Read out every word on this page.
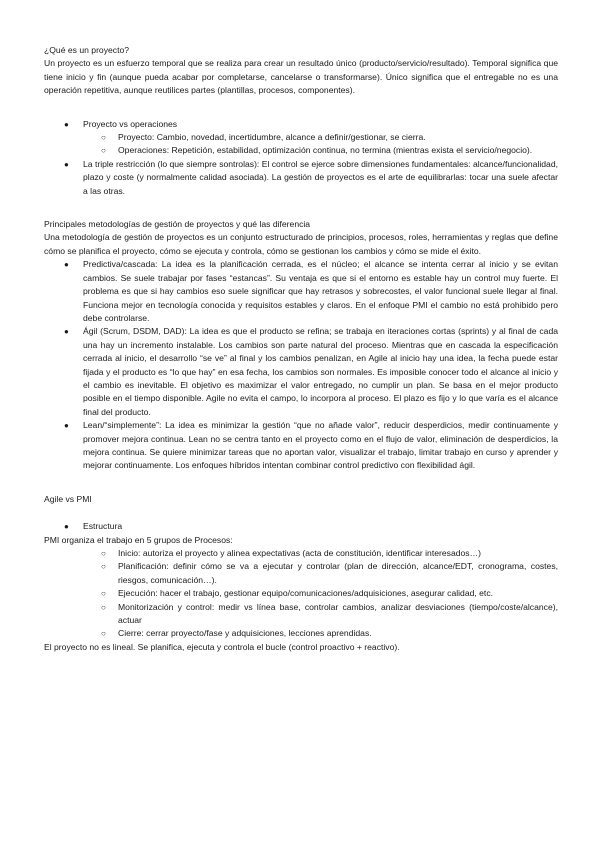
¿Qué es un proyecto?

Un proyecto es un esfuerzo temporal que se realiza para crear un resultado único (producto/servicio/resultado). Temporal significa que tiene inicio y fin (aunque pueda acabar por completarse, cancelarse o transformarse). Único significa que el entregable no es una operación repetitiva, aunque reutilices partes (plantillas, procesos, componentes).

● Proyecto vs operaciones
○ Proyecto: Cambio, novedad, incertidumbre, alcance a definir/gestionar, se cierra.
○ Operaciones: Repetición, estabilidad, optimización continua, no termina (mientras exista el servicio/negocio).
● La triple restricción (lo que siempre sontrolas): El control se ejerce sobre dimensiones fundamentales: alcance/funcionalidad, plazo y coste (y normalmente calidad asociada). La gestión de proyectos es el arte de equilibrarlas: tocar una suele afectar a las otras.

Principales metodologías de gestión de proyectos y qué las diferencia

Una metodología de gestión de proyectos es un conjunto estructurado de principios, procesos, roles, herramientas y reglas que define cómo se planifica el proyecto, cómo se ejecuta y controla, cómo se gestionan los cambios y cómo se mide el éxito.

● Predictiva/cascada: La idea es la planificación cerrada, es el núcleo; el alcance se intenta cerrar al inicio y se evitan cambios. Se suele trabajar por fases “estancas”. Su ventaja es que si el entorno es estable hay un control muy fuerte. El problema es que si hay cambios eso suele significar que hay retrasos y sobrecostes, el valor funcional suele llegar al final. Funciona mejor en tecnología conocida y requisitos estables y claros. En el enfoque PMI el cambio no está prohibido pero debe controlarse.
● Ágil (Scrum, DSDM, DAD): La idea es que el producto se refina; se trabaja en iteraciones cortas (sprints) y al final de cada una hay un incremento instalable. Los cambios son parte natural del proceso. Mientras que en cascada la especificación cerrada al inicio, el desarrollo “se ve” al final y los cambios penalizan, en Agile al inicio hay una idea, la fecha puede estar fijada y el producto es “lo que hay” en esa fecha, los cambios son normales. Es imposible conocer todo el alcance al inicio y el cambio es inevitable. El objetivo es maximizar el valor entregado, no cumplir un plan. Se basa en el mejor producto posible en el tiempo disponible. Agile no evita el campo, lo incorpora al proceso. El plazo es fijo y lo que varía es el alcance final del producto.
● Lean/“simplemente”: La idea es minimizar la gestión “que no añade valor”, reducir desperdicios, medir continuamente y promover mejora continua. Lean no se centra tanto en el proyecto como en el flujo de valor, eliminación de desperdicios, la mejora continua. Se quiere minimizar tareas que no aportan valor, visualizar el trabajo, limitar trabajo en curso y aprender y mejorar continuamente. Los enfoques híbridos intentan combinar control predictivo con flexibilidad ágil.

Agile vs PMI

● Estructura

PMI organiza el trabajo en 5 grupos de Procesos:

○ Inicio: autoriza el proyecto y alinea expectativas (acta de constitución, identificar interesados…)
○ Planificación: definir cómo se va a ejecutar y controlar (plan de dirección, alcance/EDT, cronograma, costes, riesgos, comunicación…).
○ Ejecución: hacer el trabajo, gestionar equipo/comunicaciones/adquisiciones, asegurar calidad, etc.
○ Monitorización y control: medir vs línea base, controlar cambios, analizar desviaciones (tiempo/coste/alcance), actuar
○ Cierre: cerrar proyecto/fase y adquisiciones, lecciones aprendidas.

El proyecto no es lineal. Se planifica, ejecuta y controla el bucle (control proactivo + reactivo).
